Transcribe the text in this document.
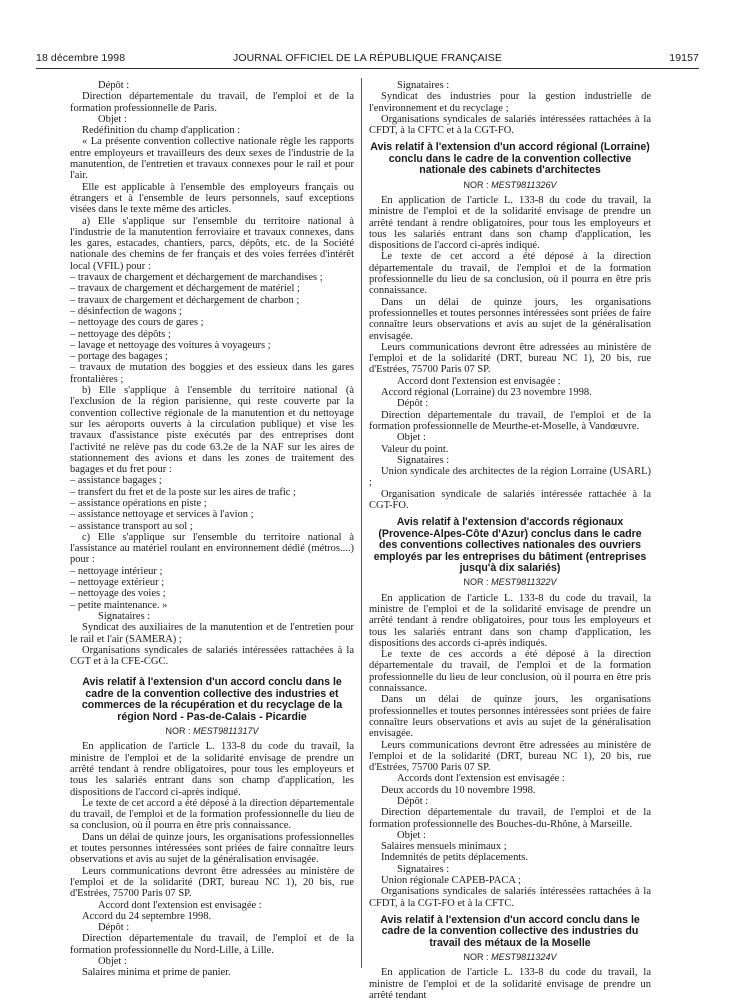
18 décembre 1998	JOURNAL OFFICIEL DE LA RÉPUBLIQUE FRANÇAISE	19157

Dépôt :

Direction départementale du travail, de l'emploi et de la formation professionnelle de Paris.

Objet :

Redéfinition du champ d'application :

« La présente convention collective nationale règle les rapports entre employeurs et travailleurs des deux sexes de l'industrie de la manutention, de l'entretien et travaux connexes pour le rail et pour l'air.

Elle est applicable à l'ensemble des employeurs français ou étrangers et à l'ensemble de leurs personnels, sauf exceptions visées dans le texte même des articles.

a) Elle s'applique sur l'ensemble du territoire national à l'industrie de la manutention ferroviaire et travaux connexes, dans les gares, estacades, chantiers, parcs, dépôts, etc. de la Société nationale des chemins de fer français et des voies ferrées d'intérêt local (VFIL) pour :

– travaux de chargement et déchargement de marchandises ;

– travaux de chargement et déchargement de matériel ;

– travaux de chargement et déchargement de charbon ;

– désinfection de wagons ;

– nettoyage des cours de gares ;

– nettoyage des dépôts ;

– lavage et nettoyage des voitures à voyageurs ;

– portage des bagages ;

– travaux de mutation des boggies et des essieux dans les gares frontalières ;

b) Elle s'applique à l'ensemble du territoire national (à l'exclusion de la région parisienne, qui reste couverte par la convention collective régionale de la manutention et du nettoyage sur les aéroports ouverts à la circulation publique) et vise les travaux d'assistance piste exécutés par des entreprises dont l'activité ne relève pas du code 63.2e de la NAF sur les aires de stationnement des avions et dans les zones de traitement des bagages et du fret pour :

– assistance bagages ;

– transfert du fret et de la poste sur les aires de trafic ;

– assistance opérations en piste ;

– assistance nettoyage et services à l'avion ;

– assistance transport au sol ;

c) Elle s'applique sur l'ensemble du territoire national à l'assistance au matériel roulant en environnement dédié (métros....) pour :

– nettoyage intérieur ;

– nettoyage extérieur ;

– nettoyage des voies ;

– petite maintenance. »

Signataires :

Syndicat des auxiliaires de la manutention et de l'entretien pour le rail et l'air (SAMERA) ;

Organisations syndicales de salariés intéressées rattachées à la CGT et à la CFE-CGC.

Avis relatif à l'extension d'un accord conclu dans le cadre de la convention collective des industries et commerces de la récupération et du recyclage de la région Nord - Pas-de-Calais - Picardie
NOR : MESТ9811317V

En application de l'article L. 133-8 du code du travail, la ministre de l'emploi et de la solidarité envisage de prendre un arrêté tendant à rendre obligatoires, pour tous les employeurs et tous les salariés entrant dans son champ d'application, les dispositions de l'accord ci-après indiqué.

Le texte de cet accord a été déposé à la direction départementale du travail, de l'emploi et de la formation professionnelle du lieu de sa conclusion, où il pourra en être pris connaissance.

Dans un délai de quinze jours, les organisations professionnelles et toutes personnes intéressées sont priées de faire connaître leurs observations et avis au sujet de la généralisation envisagée.

Leurs communications devront être adressées au ministère de l'emploi et de la solidarité (DRT, bureau NC 1), 20 bis, rue d'Estrées, 75700 Paris 07 SP.

Accord dont l'extension est envisagée :

Accord du 24 septembre 1998.

Dépôt :

Direction départementale du travail, de l'emploi et de la formation professionnelle du Nord-Lille, à Lille.

Objet :

Salaires minima et prime de panier.

Signataires :

Syndicat des industries pour la gestion industrielle de l'environnement et du recyclage ;

Organisations syndicales de salariés intéressées rattachées à la CFDT, à la CFTC et à la CGT-FO.

Avis relatif à l'extension d'un accord régional (Lorraine) conclu dans le cadre de la convention collective nationale des cabinets d'architectes
NOR : MEST9811326V

En application de l'article L. 133-8 du code du travail, la ministre de l'emploi et de la solidarité envisage de prendre un arrêté tendant à rendre obligatoires, pour tous les employeurs et tous les salariés entrant dans son champ d'application, les dispositions de l'accord ci-après indiqué.

Le texte de cet accord a été déposé à la direction départementale du travail, de l'emploi et de la formation professionnelle du lieu de sa conclusion, où il pourra en être pris connaissance.

Dans un délai de quinze jours, les organisations professionnelles et toutes personnes intéressées sont priées de faire connaître leurs observations et avis au sujet de la généralisation envisagée.

Leurs communications devront être adressées au ministère de l'emploi et de la solidarité (DRT, bureau NC 1), 20 bis, rue d'Estrées, 75700 Paris 07 SP.

Accord dont l'extension est envisagée :

Accord régional (Lorraine) du 23 novembre 1998.

Dépôt :

Direction départementale du travail, de l'emploi et de la formation professionnelle de Meurthe-et-Moselle, à Vandœuvre.

Objet :

Valeur du point.

Signataires :

Union syndicale des architectes de la région Lorraine (USARL) ;

Organisation syndicale de salariés intéressée rattachée à la CGT-FO.

Avis relatif à l'extension d'accords régionaux (Provence-Alpes-Côte d'Azur) conclus dans le cadre des conventions collectives nationales des ouvriers employés par les entreprises du bâtiment (entreprises jusqu'à dix salariés)
NOR : MEST9811322V

En application de l'article L. 133-8 du code du travail, la ministre de l'emploi et de la solidarité envisage de prendre un arrêté tendant à rendre obligatoires, pour tous les employeurs et tous les salariés entrant dans son champ d'application, les dispositions des accords ci-après indiqués.

Le texte de ces accords a été déposé à la direction départementale du travail, de l'emploi et de la formation professionnelle du lieu de leur conclusion, où il pourra en être pris connaissance.

Dans un délai de quinze jours, les organisations professionnelles et toutes personnes intéressées sont priées de faire connaître leurs observations et avis au sujet de la généralisation envisagée.

Leurs communications devront être adressées au ministère de l'emploi et de la solidarité (DRT, bureau NC 1), 20 bis, rue d'Estrées, 75700 Paris 07 SP.

Accords dont l'extension est envisagée :

Deux accords du 10 novembre 1998.

Dépôt :

Direction départementale du travail, de l'emploi et de la formation professionnelle des Bouches-du-Rhône, à Marseille.

Objet :

Salaires mensuels minimaux ;

Indemnités de petits déplacements.

Signataires :

Union régionale CAPEB-PACA ;

Organisations syndicales de salariés intéressées rattachées à la CFDT, à la CGT-FO et à la CFTC.

Avis relatif à l'extension d'un accord conclu dans le cadre de la convention collective des industries du travail des métaux de la Moselle
NOR : MEST9811324V

En application de l'article L. 133-8 du code du travail, la ministre de l'emploi et de la solidarité envisage de prendre un arrêté tendant
